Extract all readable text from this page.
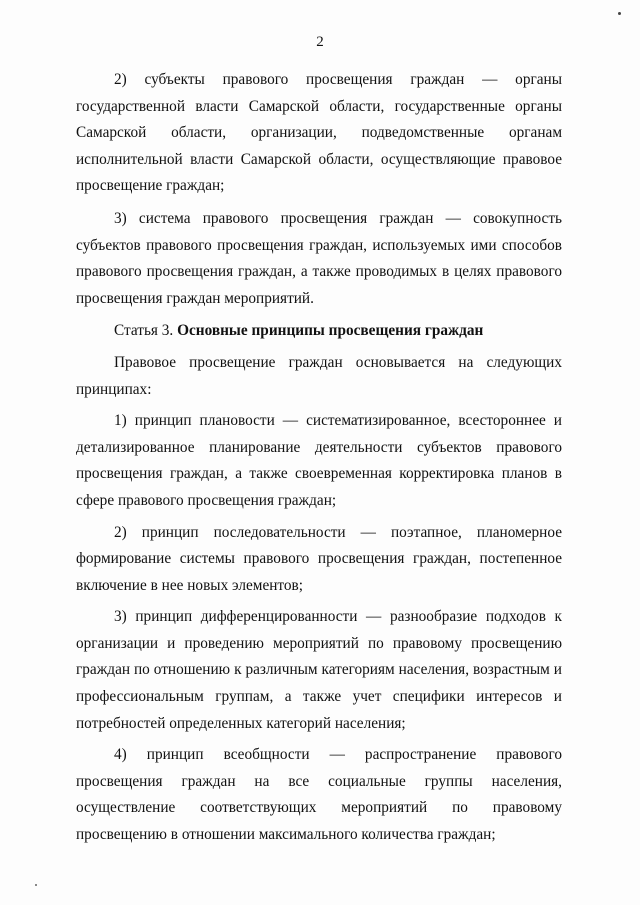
2

2) субъекты правового просвещения граждан — органы государственной власти Самарской области, государственные органы Самарской области, организации, подведомственные органам исполнительной власти Самарской области, осуществляющие правовое просвещение граждан;

3) система правового просвещения граждан — совокупность субъектов правового просвещения граждан, используемых ими способов правового просвещения граждан, а также проводимых в целях правового просвещения граждан мероприятий.

Статья 3. Основные принципы просвещения граждан

Правовое просвещение граждан основывается на следующих принципах:

1) принцип плановости — систематизированное, всестороннее и детализированное планирование деятельности субъектов правового просвещения граждан, а также своевременная корректировка планов в сфере правового просвещения граждан;

2) принцип последовательности — поэтапное, планомерное формирование системы правового просвещения граждан, постепенное включение в нее новых элементов;

3) принцип дифференцированности — разнообразие подходов к организации и проведению мероприятий по правовому просвещению граждан по отношению к различным категориям населения, возрастным и профессиональным группам, а также учет специфики интересов и потребностей определенных категорий населения;

4) принцип всеобщности — распространение правового просвещения граждан на все социальные группы населения, осуществление соответствующих мероприятий по правовому просвещению в отношении максимального количества граждан;
